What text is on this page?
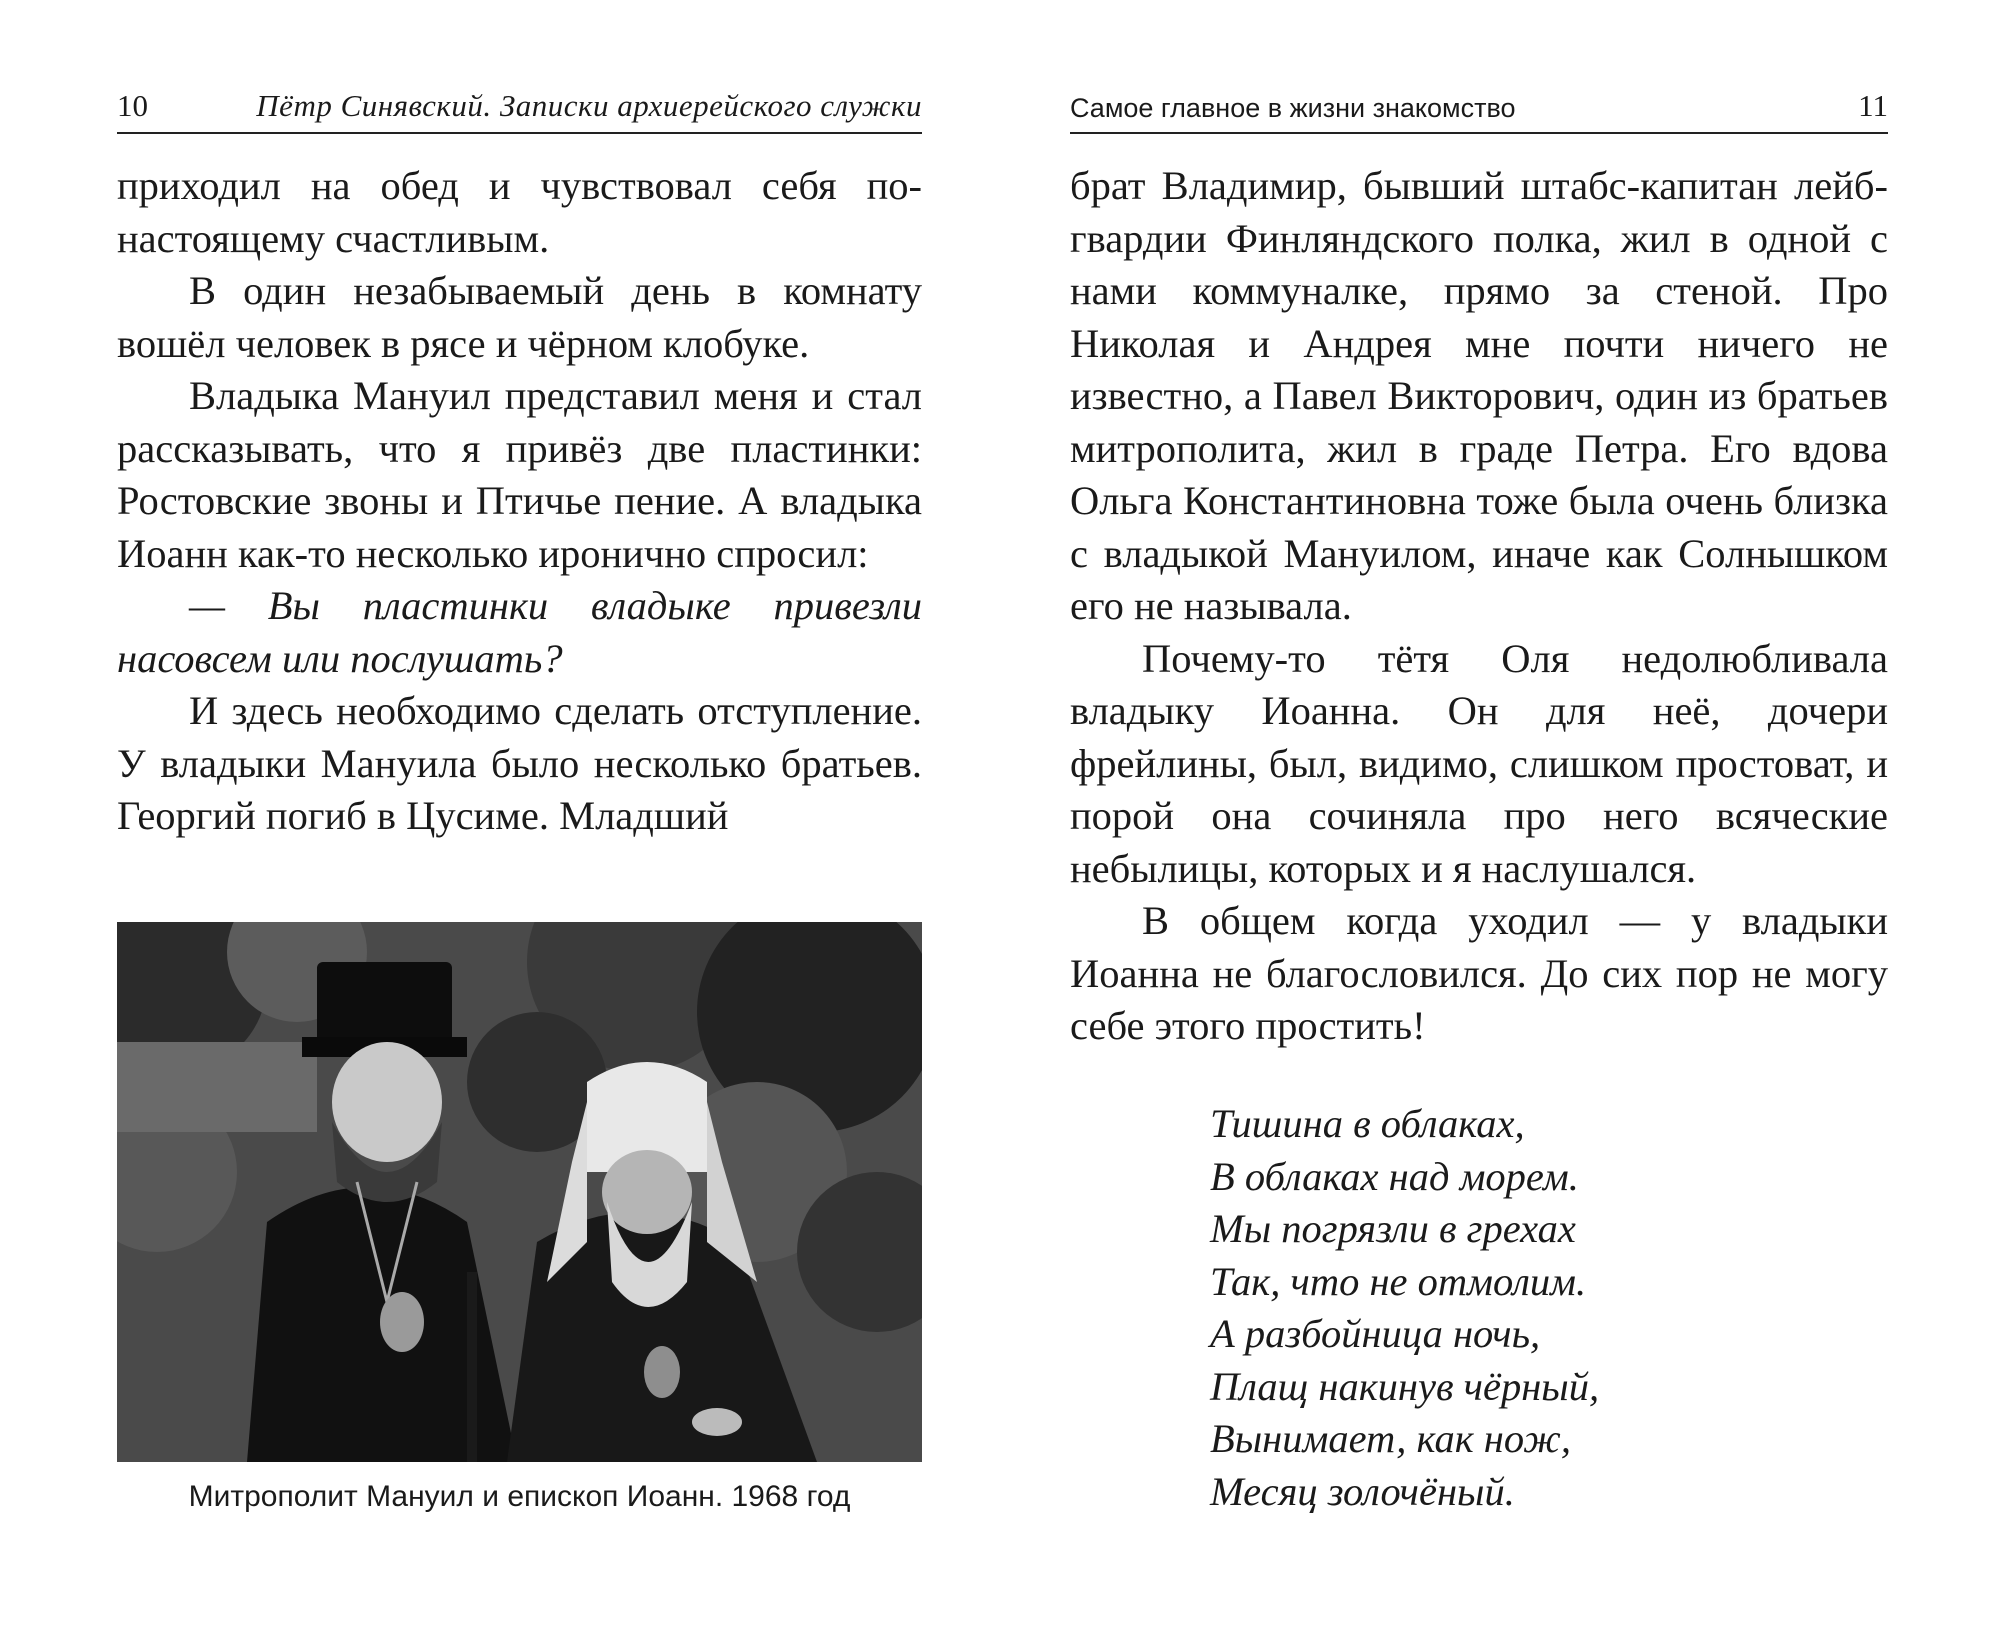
10	Пётр Синявский. Записки архиерейского служки

приходил на обед и чувствовал себя по-настоящему счастливым.

В один незабываемый день в комнату вошёл человек в рясе и чёрном клобуке.

Владыка Мануил представил меня и стал рассказывать, что я привёз две пластинки: Ростовские звоны и Птичье пение. А владыка Иоанн как-то несколько иронично спросил:

— Вы пластинки владыке привезли насовсем или послушать?

И здесь необходимо сделать отступление. У владыки Мануила было несколько братьев. Георгий погиб в Цусиме. Младший

Митрополит Мануил и епископ Иоанн. 1968 год
Самое главное в жизни знакомство	11

брат Владимир, бывший штабс-капитан лейб-гвардии Финляндского полка, жил в одной с нами коммуналке, прямо за стеной. Про Николая и Андрея мне почти ничего не известно, а Павел Викторович, один из братьев митрополита, жил в граде Петра. Его вдова Ольга Константиновна тоже была очень близка с владыкой Мануилом, иначе как Солнышком его не называла.

Почему-то тётя Оля недолюбливала владыку Иоанна. Он для неё, дочери фрейлины, был, видимо, слишком простоват, и порой она сочиняла про него всяческие небылицы, которых и я наслушался.

В общем когда уходил — у владыки Иоанна не благословился. До сих пор не могу себе этого простить!

Тишина в облаках,
В облаках над морем.
Мы погрязли в грехах
Так, что не отмолим.
А разбойница ночь,
Плащ накинув чёрный,
Вынимает, как нож,
Месяц золочёный.
